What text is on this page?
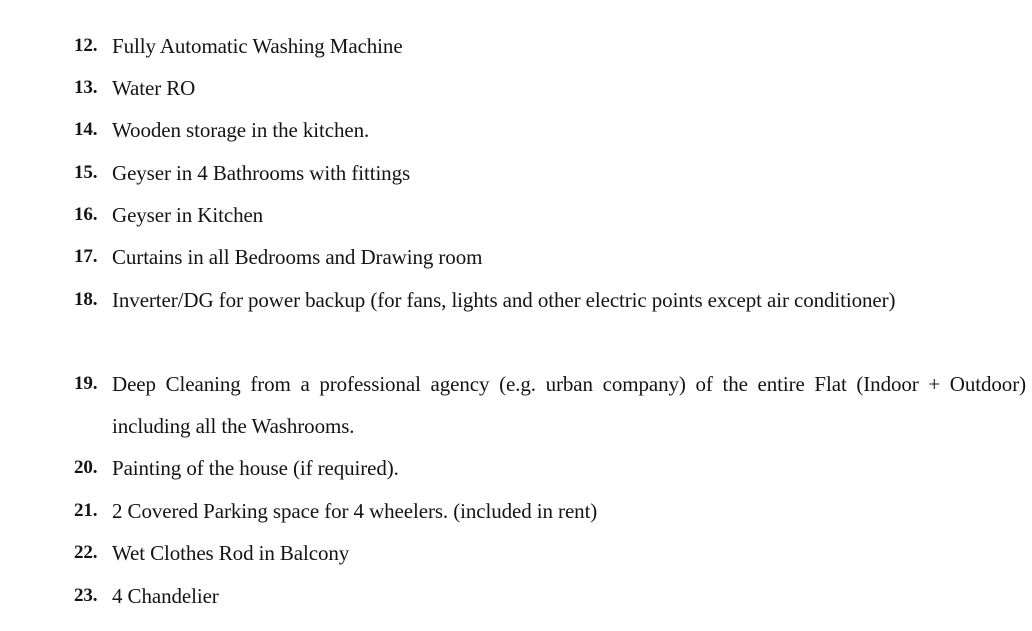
12. Fully Automatic Washing Machine
13. Water RO
14. Wooden storage in the kitchen.
15. Geyser in 4 Bathrooms with fittings
16. Geyser in Kitchen
17. Curtains in all Bedrooms and Drawing room
18. Inverter/DG for power backup (for fans, lights and other electric points except air conditioner)
19. Deep Cleaning from a professional agency (e.g. urban company) of the entire Flat (Indoor + Outdoor) including all the Washrooms.
20. Painting of the house (if required).
21. 2 Covered Parking space for 4 wheelers. (included in rent)
22. Wet Clothes Rod in Balcony
23. 4 Chandelier
